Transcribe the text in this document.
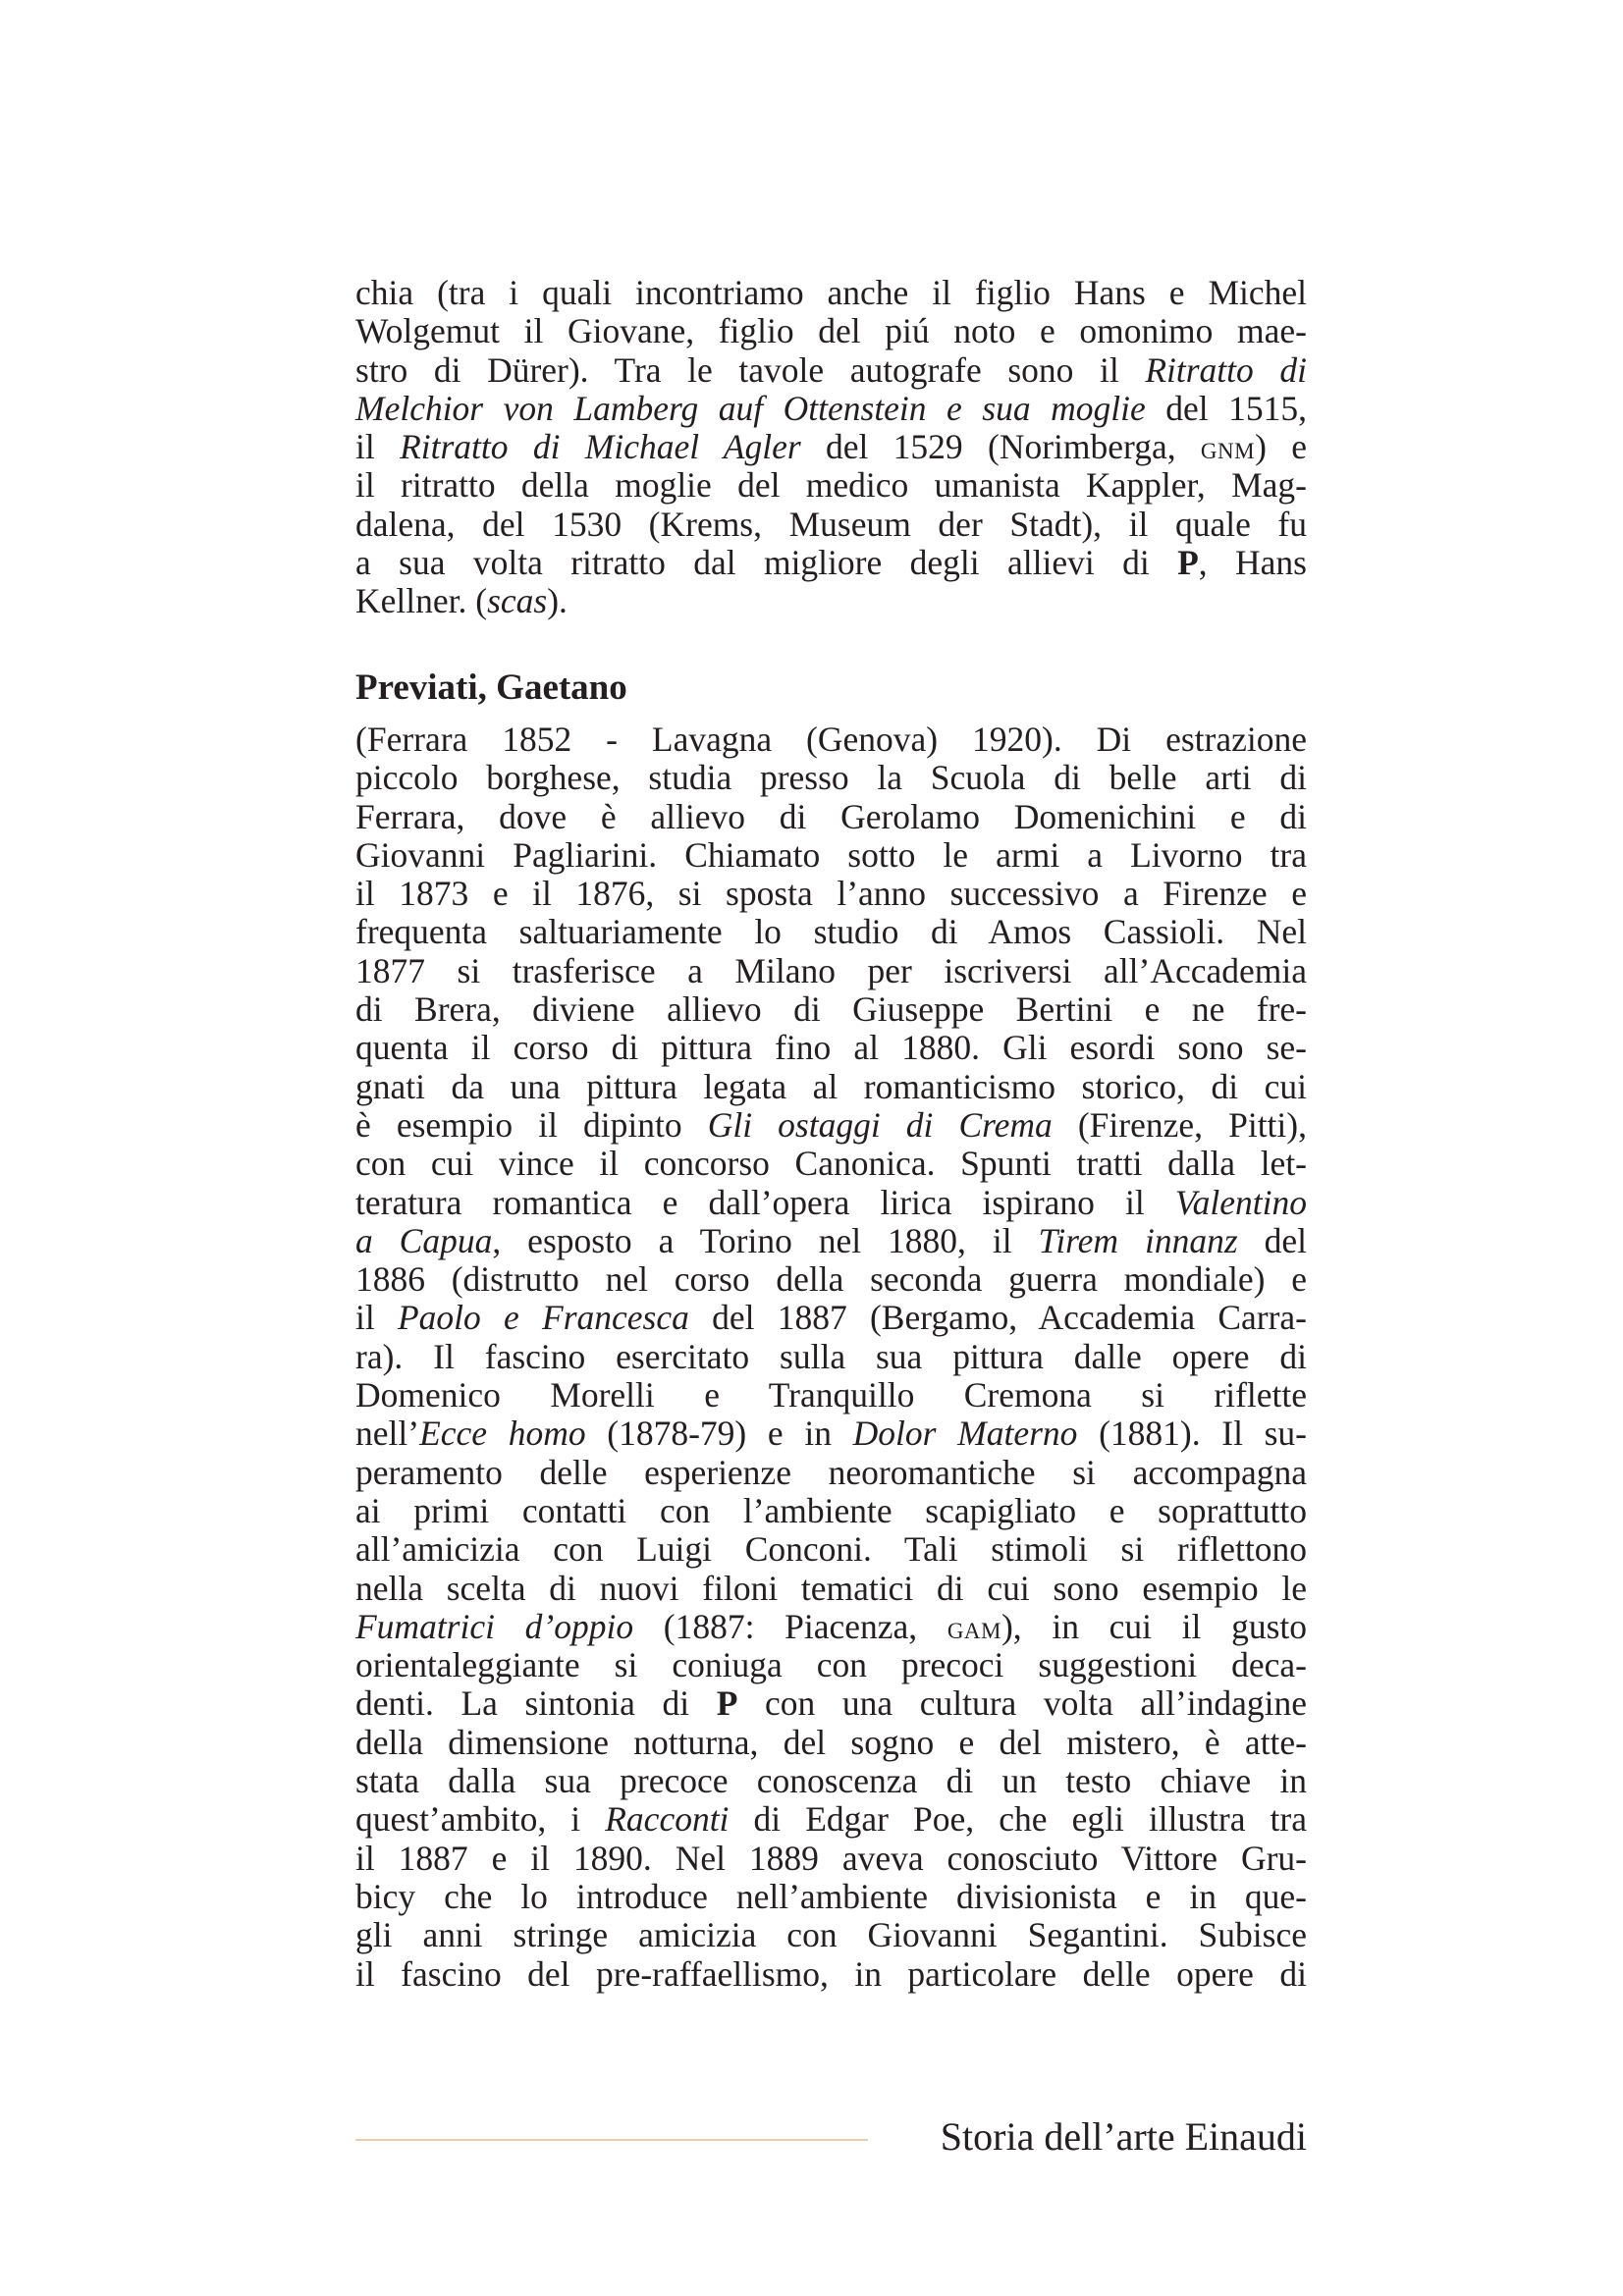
chia (tra i quali incontriamo anche il figlio Hans e Michel
Wolgemut il Giovane, figlio del piú noto e omonimo mae-
stro di Dürer). Tra le tavole autografe sono il Ritratto di
Melchior von Lamberg auf Ottenstein e sua moglie del 1515,
il Ritratto di Michael Agler del 1529 (Norimberga, gnm) e
il ritratto della moglie del medico umanista Kappler, Mag-
dalena, del 1530 (Krems, Museum der Stadt), il quale fu
a sua volta ritratto dal migliore degli allievi di P, Hans
Kellner. (scas).
Previati, Gaetano
(Ferrara 1852 - Lavagna (Genova) 1920). Di estrazione
piccolo borghese, studia presso la Scuola di belle arti di
Ferrara, dove è allievo di Gerolamo Domenichini e di
Giovanni Pagliarini. Chiamato sotto le armi a Livorno tra
il 1873 e il 1876, si sposta l’anno successivo a Firenze e
frequenta saltuariamente lo studio di Amos Cassioli. Nel
1877 si trasferisce a Milano per iscriversi all’Accademia
di Brera, diviene allievo di Giuseppe Bertini e ne fre-
quenta il corso di pittura fino al 1880. Gli esordi sono se-
gnati da una pittura legata al romanticismo storico, di cui
è esempio il dipinto Gli ostaggi di Crema (Firenze, Pitti),
con cui vince il concorso Canonica. Spunti tratti dalla let-
teratura romantica e dall’opera lirica ispirano il Valentino
a Capua, esposto a Torino nel 1880, il Tirem innanz del
1886 (distrutto nel corso della seconda guerra mondiale) e
il Paolo e Francesca del 1887 (Bergamo, Accademia Carra-
ra). Il fascino esercitato sulla sua pittura dalle opere di
Domenico Morelli e Tranquillo Cremona si riflette
nell’Ecce homo (1878-79) e in Dolor Materno (1881). Il su-
peramento delle esperienze neoromantiche si accompagna
ai primi contatti con l’ambiente scapigliato e soprattutto
all’amicizia con Luigi Conconi. Tali stimoli si riflettono
nella scelta di nuovi filoni tematici di cui sono esempio le
Fumatrici d’oppio (1887: Piacenza, gam), in cui il gusto
orientaleggiante si coniuga con precoci suggestioni deca-
denti. La sintonia di P con una cultura volta all’indagine
della dimensione notturna, del sogno e del mistero, è atte-
stata dalla sua precoce conoscenza di un testo chiave in
quest’ambito, i Racconti di Edgar Poe, che egli illustra tra
il 1887 e il 1890. Nel 1889 aveva conosciuto Vittore Gru-
bicy che lo introduce nell’ambiente divisionista e in que-
gli anni stringe amicizia con Giovanni Segantini. Subisce
il fascino del pre-raffaellismo, in particolare delle opere di
Storia dell’arte Einaudi
